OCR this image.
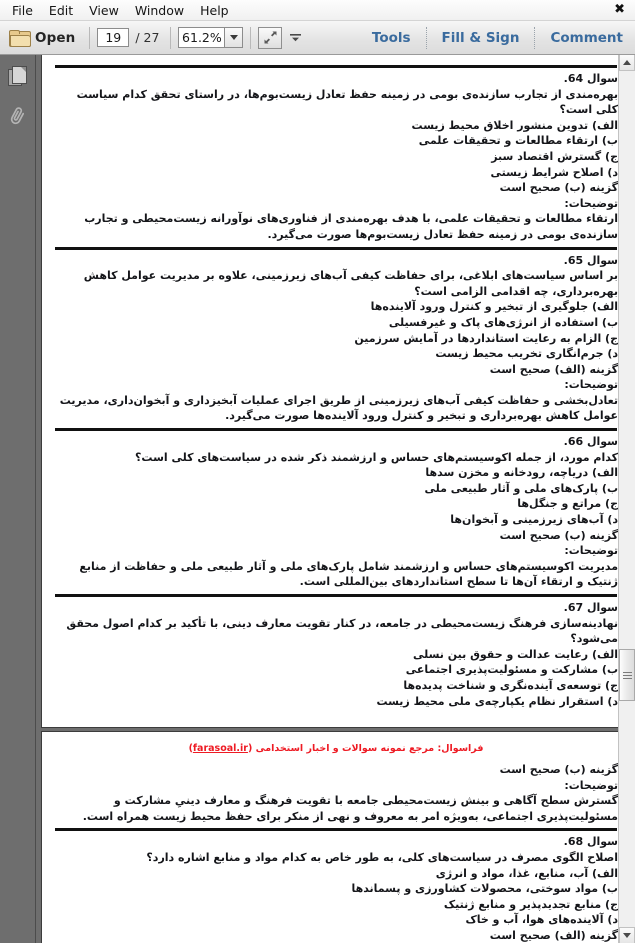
File	Edit	View	Window	Help	✖
Open
19	/ 27 61.2%	Tools	Fill & Sign	Comment
سوال 64.
بهره‌مندی از تجارب سازنده‌ی بومی در زمینه حفظ تعادل زیست‌بوم‌ها، در راستای تحقق کدام سیاست کلی است؟
الف) تدوین منشور اخلاق محیط زیست
ب) ارتقاء مطالعات و تحقیقات علمی
ج) گسترش اقتصاد سبز
د) اصلاح شرایط زیستی
گزینه (ب) صحیح است
توضیحات:
ارتقاء مطالعات و تحقیقات علمی، با هدف بهره‌مندی از فناوری‌های نوآورانه زیست‌محیطی و تجارب سازنده‌ی بومی در زمینه حفظ تعادل زیست‌بوم‌ها صورت می‌گیرد.
سوال 65.
بر اساس سیاست‌های ابلاغی، برای حفاظت کیفی آب‌های زیرزمینی، علاوه بر مدیریت عوامل کاهش بهره‌برداری، چه اقدامی الزامی است؟
الف) جلوگیری از تبخیر و کنترل ورود آلاینده‌ها
ب) استفاده از انرژی‌های پاک و غیرفسیلی
ج) الزام به رعایت استانداردها در آمایش سرزمین
د) جرم‌انگاری تخریب محیط زیست
گزینه (الف) صحیح است
توضیحات:
تعادل‌بخشی و حفاظت کیفی آب‌های زیرزمینی از طریق اجرای عملیات آبخیزداری و آبخوان‌داری، مدیریت عوامل کاهش بهره‌برداری و تبخیر و کنترل ورود آلاینده‌ها صورت می‌گیرد.
سوال 66.
کدام مورد، از جمله اکوسیستم‌های حساس و ارزشمند ذکر شده در سیاست‌های کلی است؟
الف) دریاچه، رودخانه و مخزن سدها
ب) پارک‌های ملی و آثار طبیعی ملی
ج) مراتع و جنگل‌ها
د) آب‌های زیرزمینی و آبخوان‌ها
گزینه (ب) صحیح است
توضیحات:
مدیریت اکوسیستم‌های حساس و ارزشمند شامل پارک‌های ملی و آثار طبیعی ملی و حفاظت از منابع ژنتیک و ارتقاء آن‌ها تا سطح استانداردهای بین‌المللی است.
سوال 67.
نهادینه‌سازی فرهنگ زیست‌محیطی در جامعه، در کنار تقویت معارف دینی، با تأکید بر کدام اصول محقق می‌شود؟
الف) رعایت عدالت و حقوق بین نسلی
ب) مشارکت و مسئولیت‌پذیری اجتماعی
ج) توسعه‌ی آینده‌نگری و شناخت پدیده‌ها
د) استقرار نظام یکپارچه‌ی ملی محیط زیست
فراسوال: مرجع نمونه سوالات و اخبار استخدامی (farasoal.ir)
گزینه (ب) صحیح است
توضیحات:
گسترش سطح آگاهی و بینش زیست‌محیطی جامعه با تقویت فرهنگ و معارف دینیِ مشارکت و مسئولیت‌پذیری اجتماعی، به‌ویژه امر به معروف و نهی از منکر برای حفظ محیط زیست همراه است.
سوال 68.
اصلاح الگوی مصرف در سیاست‌های کلی، به طور خاص به کدام مواد و منابع اشاره دارد؟
الف) آب، منابع، غذا، مواد و انرژی
ب) مواد سوختی، محصولات کشاورزی و پسماندها
ج) منابع تجدیدپذیر و منابع ژنتیک
د) آلاینده‌های هوا، آب و خاک
گزینه (الف) صحیح است
